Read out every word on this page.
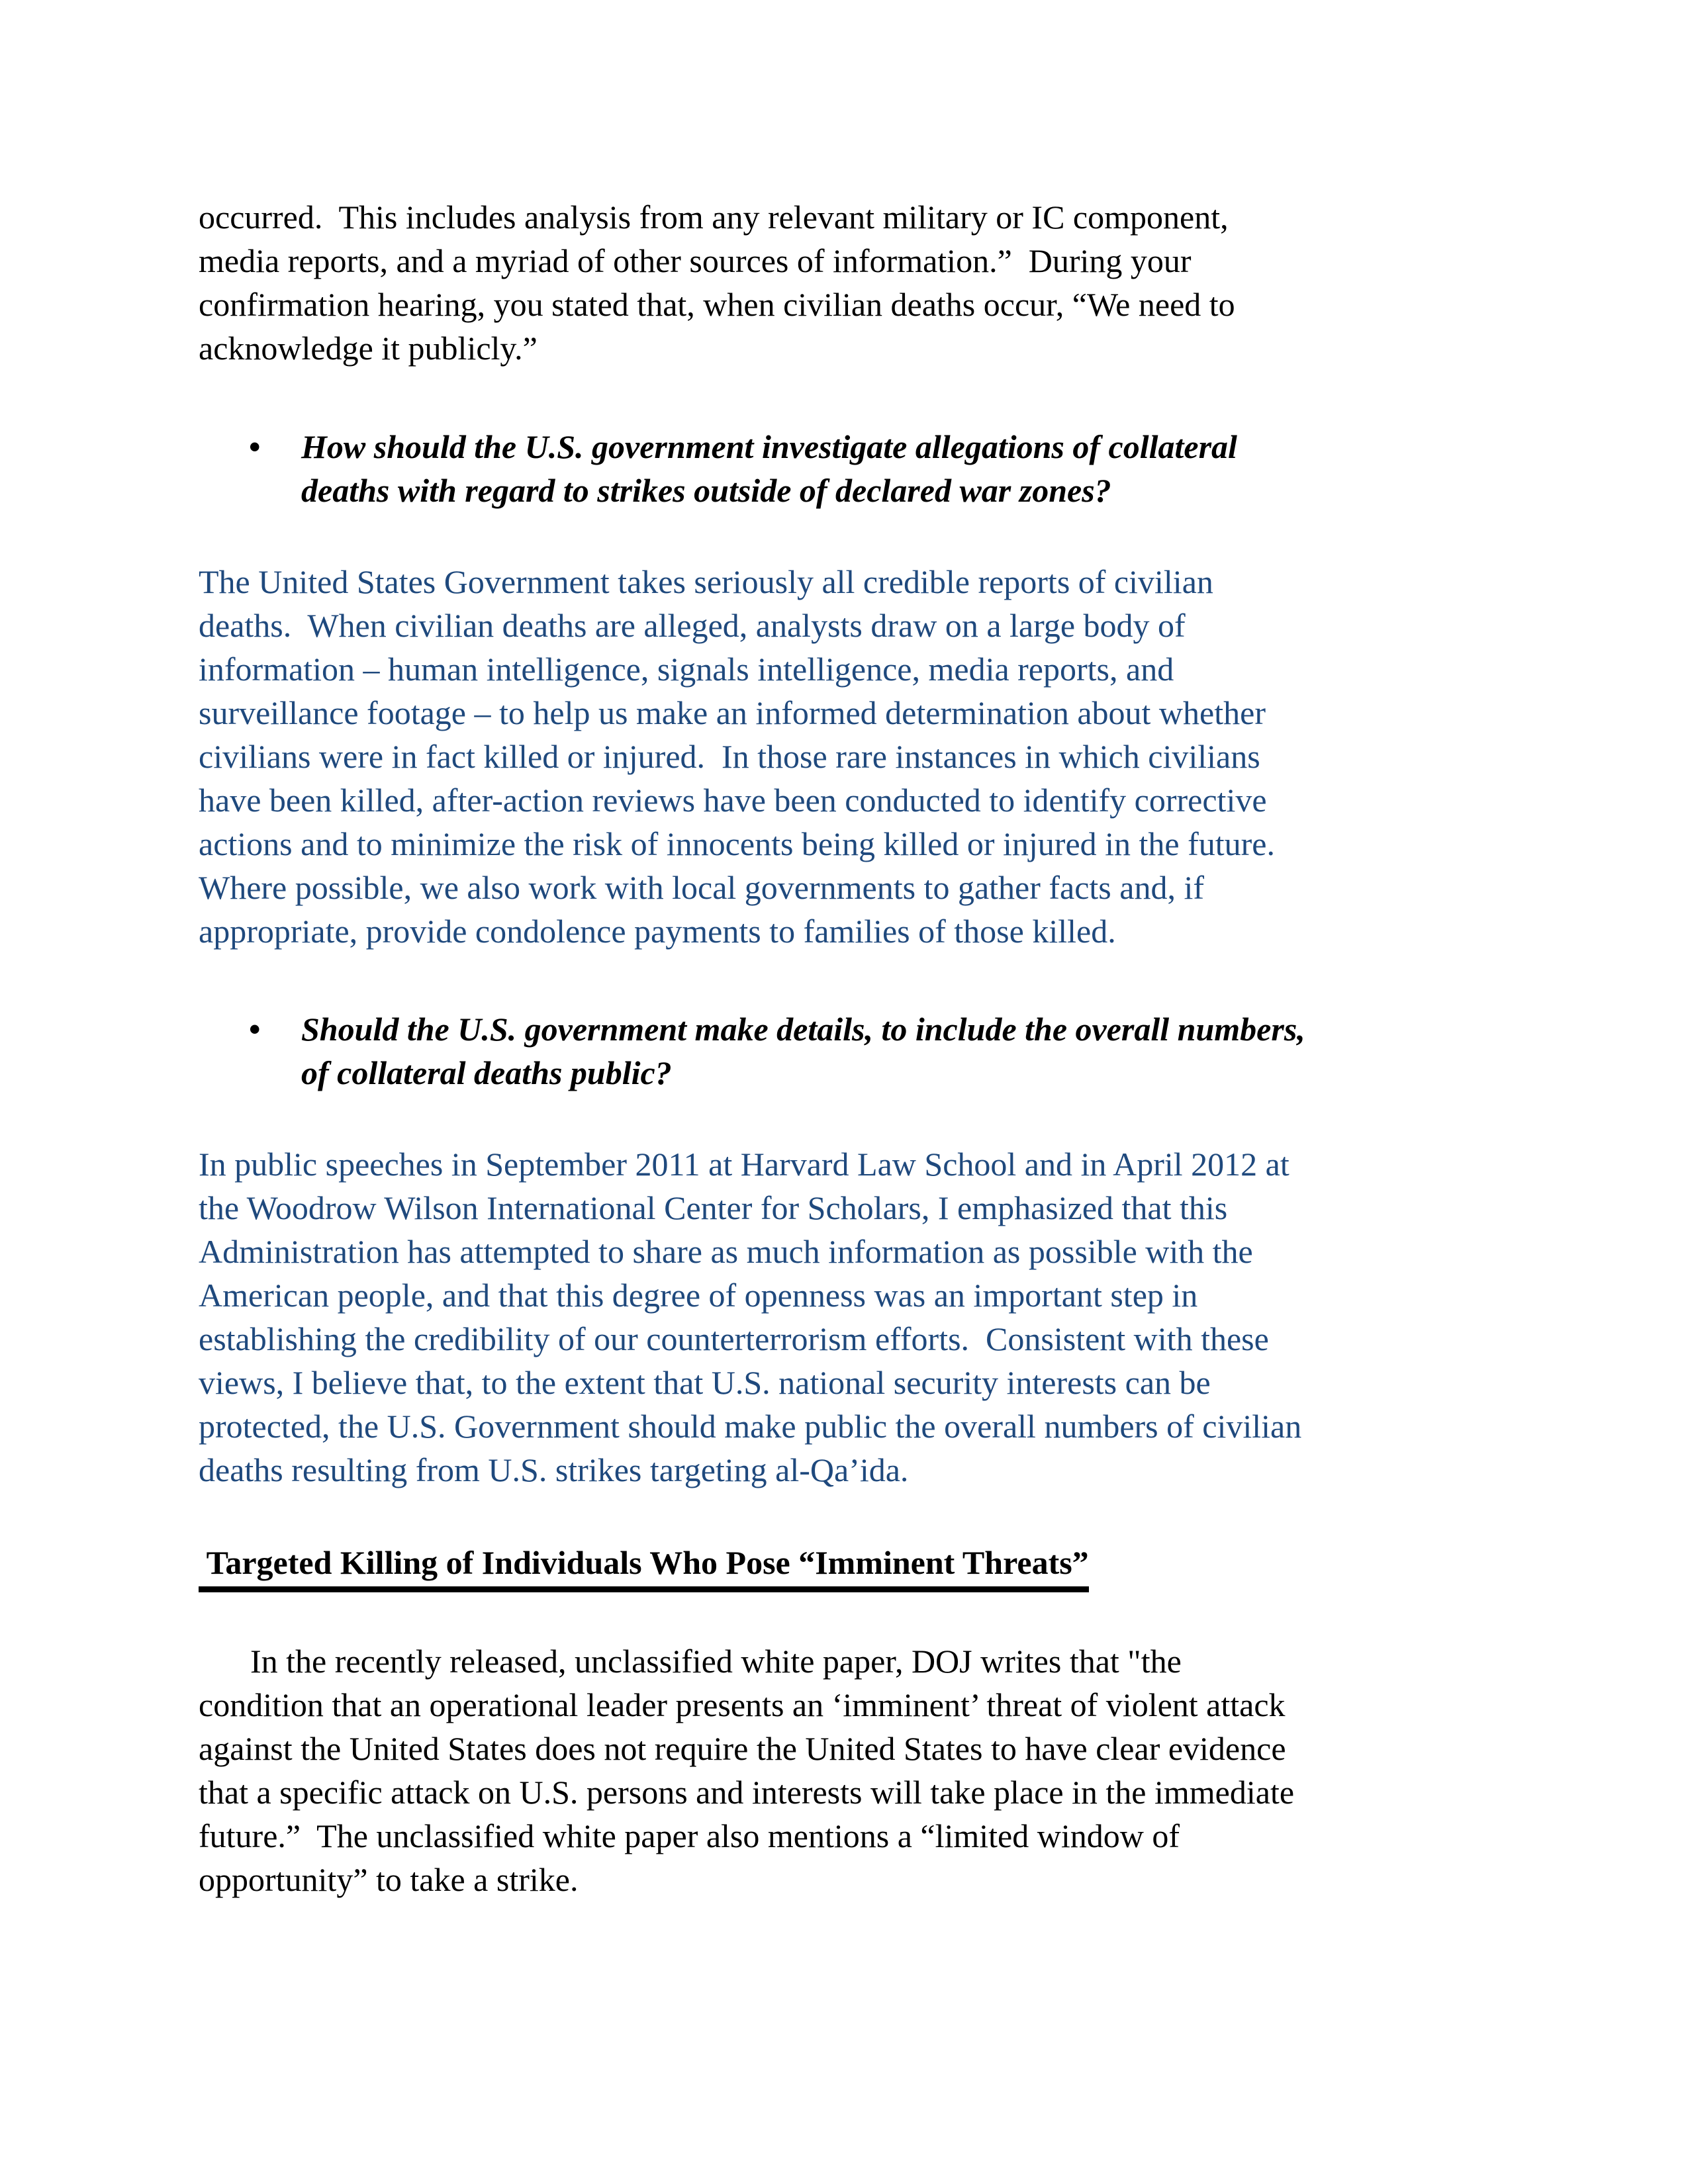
occurred.  This includes analysis from any relevant military or IC component,
media reports, and a myriad of other sources of information.”  During your
confirmation hearing, you stated that, when civilian deaths occur, “We need to
acknowledge it publicly.”
• How should the U.S. government investigate allegations of collateral
deaths with regard to strikes outside of declared war zones?
The United States Government takes seriously all credible reports of civilian
deaths.  When civilian deaths are alleged, analysts draw on a large body of
information – human intelligence, signals intelligence, media reports, and
surveillance footage – to help us make an informed determination about whether
civilians were in fact killed or injured.  In those rare instances in which civilians
have been killed, after-action reviews have been conducted to identify corrective
actions and to minimize the risk of innocents being killed or injured in the future.
Where possible, we also work with local governments to gather facts and, if
appropriate, provide condolence payments to families of those killed.
• Should the U.S. government make details, to include the overall numbers,
of collateral deaths public?
In public speeches in September 2011 at Harvard Law School and in April 2012 at
the Woodrow Wilson International Center for Scholars, I emphasized that this
Administration has attempted to share as much information as possible with the
American people, and that this degree of openness was an important step in
establishing the credibility of our counterterrorism efforts.  Consistent with these
views, I believe that, to the extent that U.S. national security interests can be
protected, the U.S. Government should make public the overall numbers of civilian
deaths resulting from U.S. strikes targeting al-Qa’ida.
Targeted Killing of Individuals Who Pose “Imminent Threats”
In the recently released, unclassified white paper, DOJ writes that "the
condition that an operational leader presents an ‘imminent’ threat of violent attack
against the United States does not require the United States to have clear evidence
that a specific attack on U.S. persons and interests will take place in the immediate
future.”  The unclassified white paper also mentions a “limited window of
opportunity” to take a strike.
